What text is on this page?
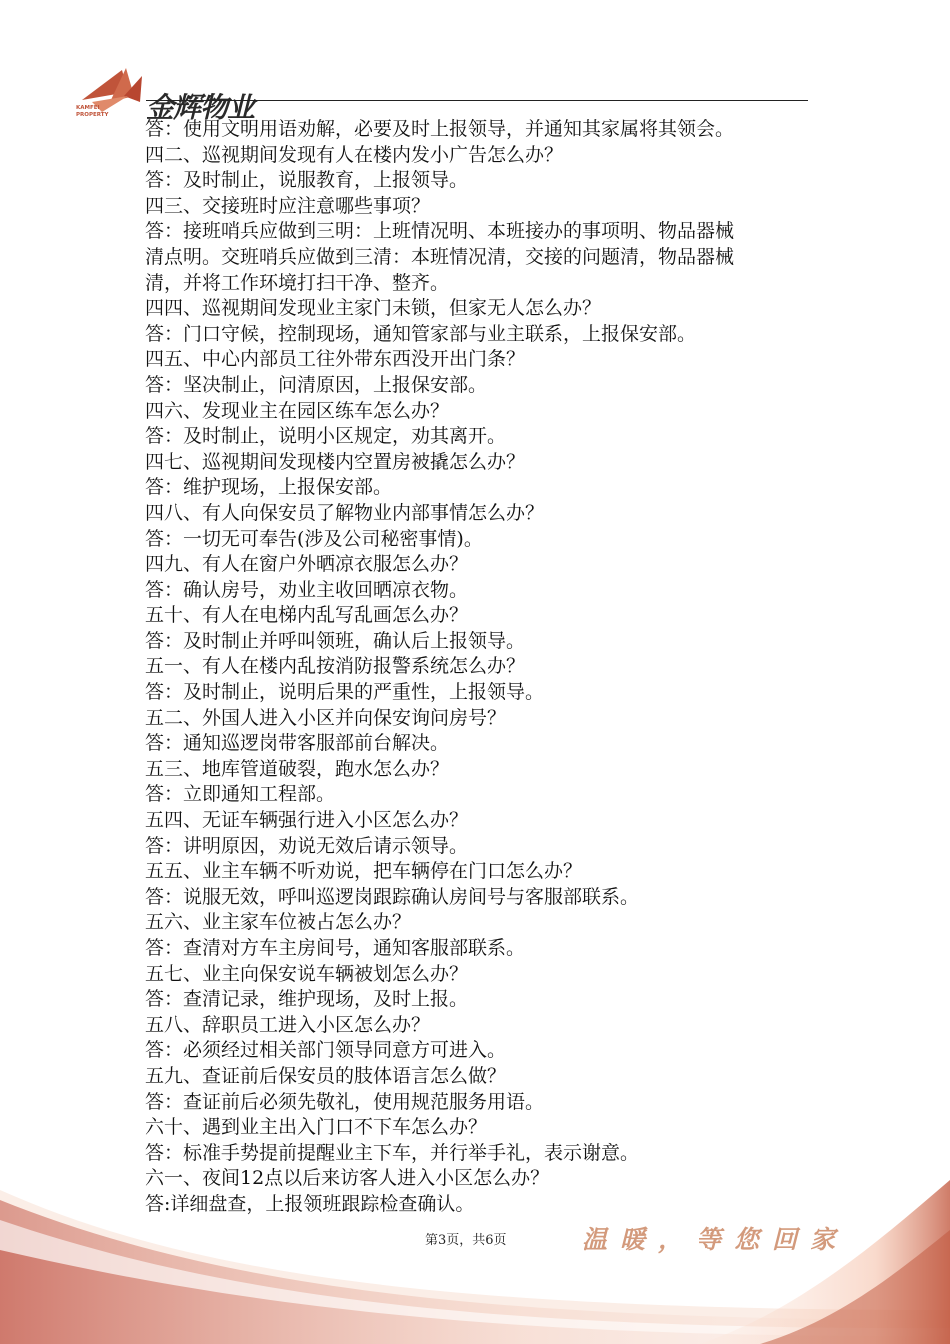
KAMFEI
PROPERTY 金辉物业
答：使用文明用语劝解，必要及时上报领导，并通知其家属将其领会。
四二、巡视期间发现有人在楼内发小广告怎么办？
答：及时制止，说服教育，上报领导。
四三、交接班时应注意哪些事项？
答：接班哨兵应做到三明：上班情况明、本班接办的事项明、物品器械
清点明。交班哨兵应做到三清：本班情况清，交接的问题清，物品器械
清，并将工作环境打扫干净、整齐。
四四、巡视期间发现业主家门未锁，但家无人怎么办？
答：门口守候，控制现场，通知管家部与业主联系，上报保安部。
四五、中心内部员工往外带东西没开出门条？
答：坚决制止，问清原因，上报保安部。
四六、发现业主在园区练车怎么办？
答：及时制止，说明小区规定，劝其离开。
四七、巡视期间发现楼内空置房被撬怎么办？
答：维护现场，上报保安部。
四八、有人向保安员了解物业内部事情怎么办？
答：一切无可奉告(涉及公司秘密事情)。
四九、有人在窗户外晒凉衣服怎么办？
答：确认房号，劝业主收回晒凉衣物。
五十、有人在电梯内乱写乱画怎么办？
答：及时制止并呼叫领班，确认后上报领导。
五一、有人在楼内乱按消防报警系统怎么办？
答：及时制止，说明后果的严重性，上报领导。
五二、外国人进入小区并向保安询问房号？
答：通知巡逻岗带客服部前台解决。
五三、地库管道破裂，跑水怎么办？
答：立即通知工程部。
五四、无证车辆强行进入小区怎么办？
答：讲明原因，劝说无效后请示领导。
五五、业主车辆不听劝说，把车辆停在门口怎么办？
答：说服无效，呼叫巡逻岗跟踪确认房间号与客服部联系。
五六、业主家车位被占怎么办？
答：查清对方车主房间号，通知客服部联系。
五七、业主向保安说车辆被划怎么办？
答：查清记录，维护现场，及时上报。
五八、辞职员工进入小区怎么办？
答：必须经过相关部门领导同意方可进入。
五九、查证前后保安员的肢体语言怎么做？
答：查证前后必须先敬礼，使用规范服务用语。
六十、遇到业主出入门口不下车怎么办？
答：标准手势提前提醒业主下车，并行举手礼，表示谢意。
六一、夜间12点以后来访客人进入小区怎么办？
答:详细盘查，上报领班跟踪检查确认。
第3页，共6页	温暖，等您回家
